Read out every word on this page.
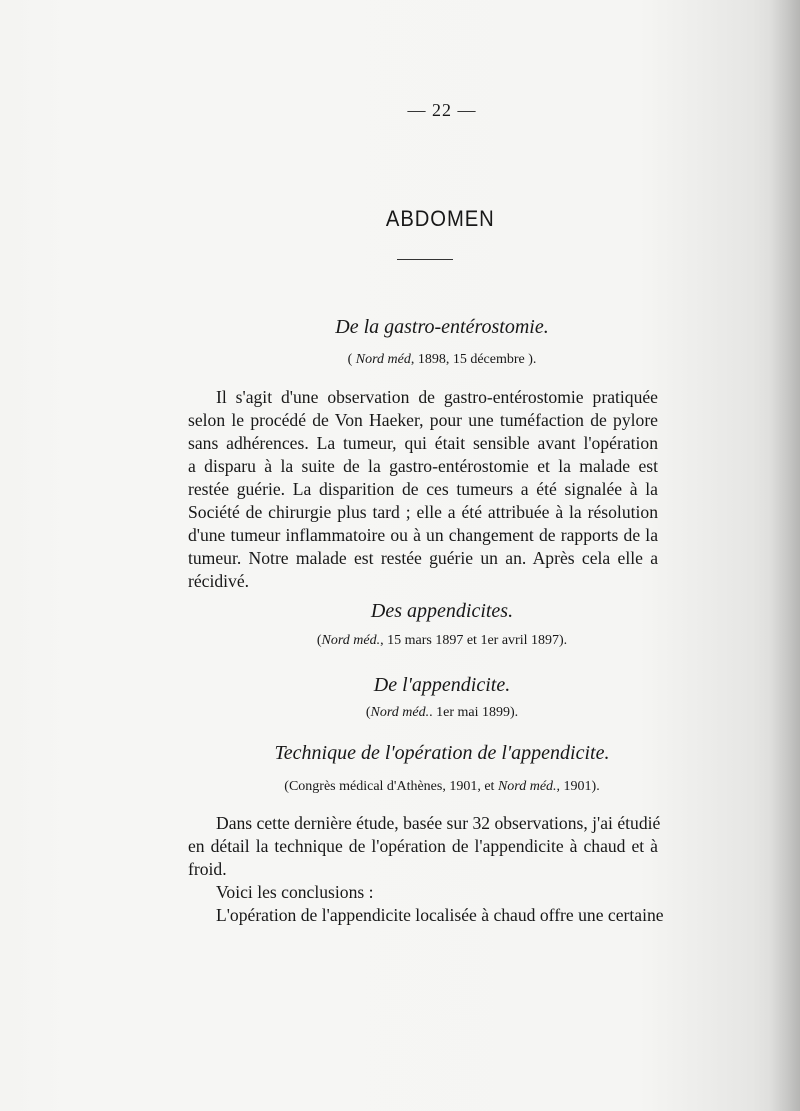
— 22 —
ABDOMEN
De la gastro-entérostomie.
( Nord méd, 1898, 15 décembre ).
Il s'agit d'une observation de gastro-entérostomie pratiquée
selon le procédé de Von Haeker, pour une tuméfaction de pylore
sans adhérences. La tumeur, qui était sensible avant l'opération
a disparu à la suite de la gastro-entérostomie et la malade est
restée guérie. La disparition de ces tumeurs a été signalée à la
Société de chirurgie plus tard ; elle a été attribuée à la résolution
d'une tumeur inflammatoire ou à un changement de rapports de la
tumeur. Notre malade est restée guérie un an. Après cela elle a
récidivé.
Des appendicites.
(Nord méd., 15 mars 1897 et 1er avril 1897).
De l'appendicite.
(Nord méd.. 1er mai 1899).
Technique de l'opération de l'appendicite.
(Congrès médical d'Athènes, 1901, et Nord méd., 1901).
Dans cette dernière étude, basée sur 32 observations, j'ai étudié
en détail la technique de l'opération de l'appendicite à chaud et à
froid.
Voici les conclusions :
L'opération de l'appendicite localisée à chaud offre une certaine
